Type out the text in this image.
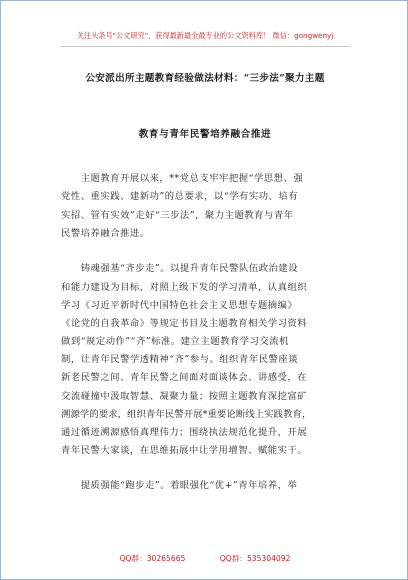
关注头条号"公文研究"，获得最新最全最专业的公文资料库！ 微信：gongwenyj
公安派出所主题教育经验做法材料：“三步法”聚力主题
教育与青年民警培养融合推进
　　主题教育开展以来，**党总支牢牢把握“学思想、强
党性、重实践、建新功”的总要求，以“学有实功、培有
实招、管有实效”走好“三步法”，聚力主题教育与青年
民警培养融合推进。
　　铸魂强基“齐步走”。以提升青年民警队伍政治建设
和能力建设为目标，对照上级下发的学习清单，认真组织
学习《习近平新时代中国特色社会主义思想专题摘编》
《论党的自我革命》等规定书目及主题教育相关学习资料
做到“规定动作”“齐”标准。建立主题教育学习交流机
制，让青年民警学透精神“齐”参与。组织青年民警座谈
新老民警之间、青年民警之间面对面谈体会、讲感受，在
交流碰撞中汲取智慧、凝聚力量；按照主题教育深挖富矿
溯源学的要求，组织青年民警开展*重要论断线上实践教育，
通过循迹溯源感悟真理伟力；围绕执法规范化提升，开展
青年民警大家谈，在思维拓展中让学用增智、赋能实干。
　　提质强能“跑步走”。着眼强化“优+”青年培养，举
QQ群：30265665	QQ群：535304092
